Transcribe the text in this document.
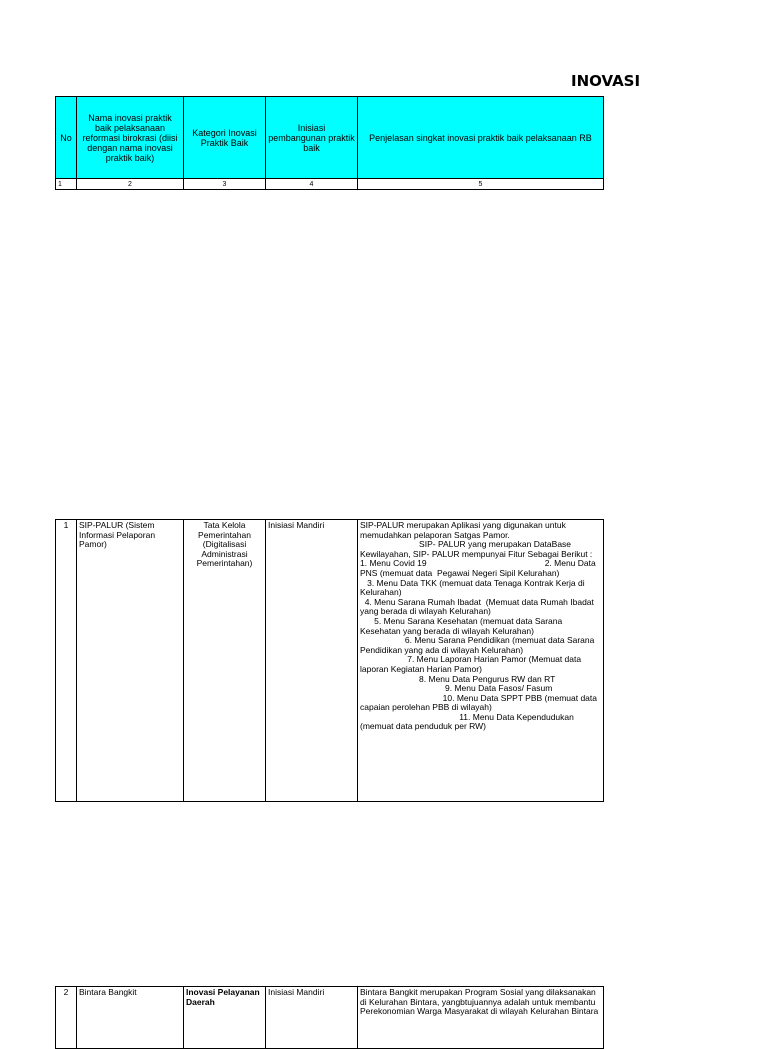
INOVASI
No	Nama inovasi praktik baik pelaksanaan reformasi birokrasi (diisi dengan nama inovasi praktik baik)	Kategori Inovasi Praktik Baik	Inisiasi pembangunan praktik baik	Penjelasan singkat inovasi praktik baik pelaksanaan RB
1	2	3	4	5
1	SIP-PALUR (Sistem Informasi Pelaporan Pamor)	Tata Kelola Pemerintahan (Digitalisasi Administrasi Pemerintahan)	Inisiasi Mandiri	SIP-PALUR merupakan Aplikasi yang digunakan untuk memudahkan pelaporan Satgas Pamor.
SIP- PALUR yang merupakan DataBase Kewilayahan, SIP- PALUR mempunyai Fitur Sebagai Berikut :                                         1. Menu Covid 19                                                  2. Menu Data PNS (memuat data  Pegawai Negeri Sipil Kelurahan)
3. Menu Data TKK (memuat data Tenaga Kontrak Kerja di Kelurahan)
4. Menu Sarana Rumah Ibadat  (Memuat data Rumah Ibadat yang berada di wilayah Kelurahan)
5. Menu Sarana Kesehatan (memuat data Sarana Kesehatan yang berada di wilayah Kelurahan)
6. Menu Sarana Pendidikan (memuat data Sarana Pendidikan yang ada di wilayah Kelurahan)
7. Menu Laporan Harian Pamor (Memuat data laporan Kegiatan Harian Pamor)
8. Menu Data Pengurus RW dan RT
9. Menu Data Fasos/ Fasum
10. Menu Data SPPT PBB (memuat data capaian perolehan PBB di wilayah)
11. Menu Data Kependudukan (memuat data penduduk per RW)
2	Bintara Bangkit	Inovasi Pelayanan Daerah	Inisiasi Mandiri	Bintara Bangkit merupakan Program Sosial yang dilaksanakan di Kelurahan Bintara, yangbtujuannya adalah untuk membantu Perekonomian Warga Masyarakat di wilayah Kelurahan Bintara
